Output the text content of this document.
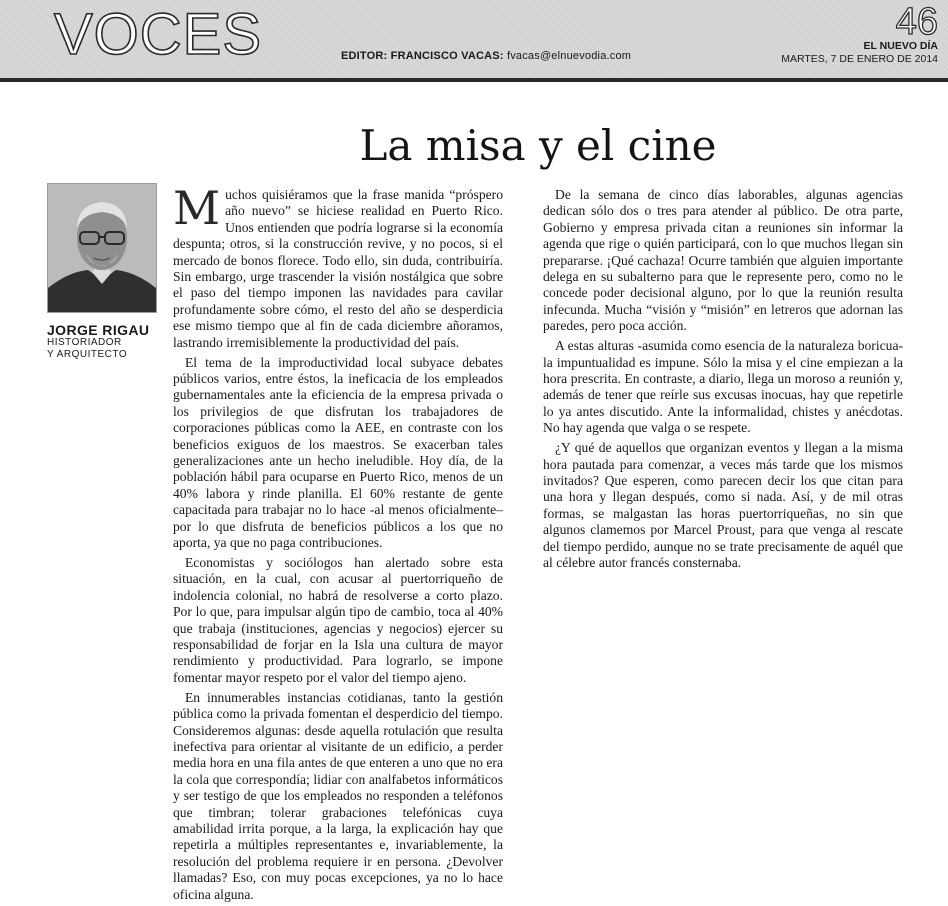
VOCES	EDITOR: FRANCISCO VACAS: fvacas@elnuevodia.com
46
EL NUEVO DÍA
MARTES, 7 DE ENERO DE 2014
La misa y el cine
JORGE RIGAU
HISTORIADOR
Y ARQUITECTO

Muchos quisiéramos que la frase manida “próspero año nuevo” se hiciese realidad en Puerto Rico. Unos entienden que podría lograrse si la economía despunta; otros, si la construcción revive, y no pocos, si el mercado de bonos florece. Todo ello, sin duda, contribuiría. Sin embargo, urge trascender la visión nostálgica que sobre el paso del tiempo imponen las navidades para cavilar profundamente sobre cómo, el resto del año se desperdicia ese mismo tiempo que al fin de cada diciembre añoramos, lastrando irremisiblemente la productividad del país.

El tema de la improductividad local subyace debates públicos varios, entre éstos, la ineficacia de los empleados gubernamentales ante la eficiencia de la empresa privada o los privilegios de que disfrutan los trabajadores de corporaciones públicas como la AEE, en contraste con los beneficios exiguos de los maestros. Se exacerban tales generalizaciones ante un hecho ineludible. Hoy día, de la población hábil para ocuparse en Puerto Rico, menos de un 40% labora y rinde planilla. El 60% restante de gente capacitada para trabajar no lo hace -al menos oficialmente– por lo que disfruta de beneficios públicos a los que no aporta, ya que no paga contribuciones.

Economistas y sociólogos han alertado sobre esta situación, en la cual, con acusar al puertorriqueño de indolencia colonial, no habrá de resolverse a corto plazo. Por lo que, para impulsar algún tipo de cambio, toca al 40% que trabaja (instituciones, agencias y negocios) ejercer su responsabilidad de forjar en la Isla una cultura de mayor rendimiento y productividad. Para lograrlo, se impone fomentar mayor respeto por el valor del tiempo ajeno.

En innumerables instancias cotidianas, tanto la gestión pública como la privada fomentan el desperdicio del tiempo. Consideremos algunas: desde aquella rotulación que resulta inefectiva para orientar al visitante de un edificio, a perder media hora en una fila antes de que enteren a uno que no era la cola que correspondía; lidiar con analfabetos informáticos y ser testigo de que los empleados no responden a teléfonos que timbran; tolerar grabaciones telefónicas cuya amabilidad irrita porque, a la larga, la explicación hay que repetirla a múltiples representantes e, invariablemente, la resolución del problema requiere ir en persona. ¿Devolver llamadas? Eso, con muy pocas excepciones, ya no lo hace oficina alguna.

De la semana de cinco días laborables, algunas agencias dedican sólo dos o tres para atender al público. De otra parte, Gobierno y empresa privada citan a reuniones sin informar la agenda que rige o quién participará, con lo que muchos llegan sin prepararse. ¡Qué cachaza! Ocurre también que alguien importante delega en su subalterno para que le represente pero, como no le concede poder decisional alguno, por lo que la reunión resulta infecunda. Mucha “visión y “misión” en letreros que adornan las paredes, pero poca acción.

A estas alturas -asumida como esencia de la naturaleza boricua- la impuntualidad es impune. Sólo la misa y el cine empiezan a la hora prescrita. En contraste, a diario, llega un moroso a reunión y, además de tener que reírle sus excusas inocuas, hay que repetirle lo ya antes discutido. Ante la informalidad, chistes y anécdotas. No hay agenda que valga o se respete.

¿Y qué de aquellos que organizan eventos y llegan a la misma hora pautada para comenzar, a veces más tarde que los mismos invitados? Que esperen, como parecen decir los que citan para una hora y llegan después, como si nada. Así, y de mil otras formas, se malgastan las horas puertorriqueñas, no sin que algunos clamemos por Marcel Proust, para que venga al rescate del tiempo perdido, aunque no se trate precisamente de aquél que al célebre autor francés consternaba.
